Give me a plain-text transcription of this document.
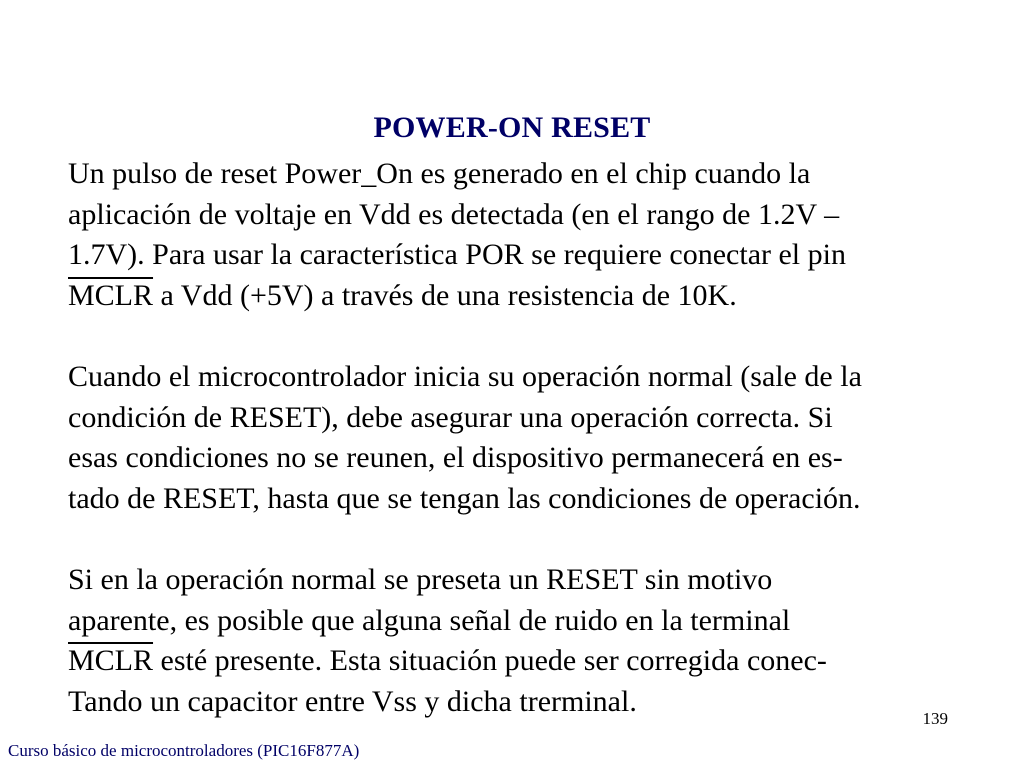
POWER-ON RESET
Un pulso de reset Power_On es generado en el chip cuando la
aplicación de voltaje en Vdd es detectada (en el rango de 1.2V –
1.7V). Para usar la característica POR se requiere conectar el pin
MCLR a Vdd (+5V) a través de una resistencia de 10K.
Cuando el microcontrolador inicia su operación normal (sale de la
condición de RESET), debe asegurar una operación correcta. Si
esas condiciones no se reunen, el dispositivo permanecerá en es-
tado de RESET, hasta que se tengan las condiciones de operación.
Si en la operación normal se preseta un RESET sin motivo
aparente, es posible que alguna señal de ruido en la terminal
MCLR esté presente. Esta situación puede ser corregida conec-
Tando un capacitor entre Vss y dicha trerminal.
139
Curso básico de microcontroladores (PIC16F877A)
